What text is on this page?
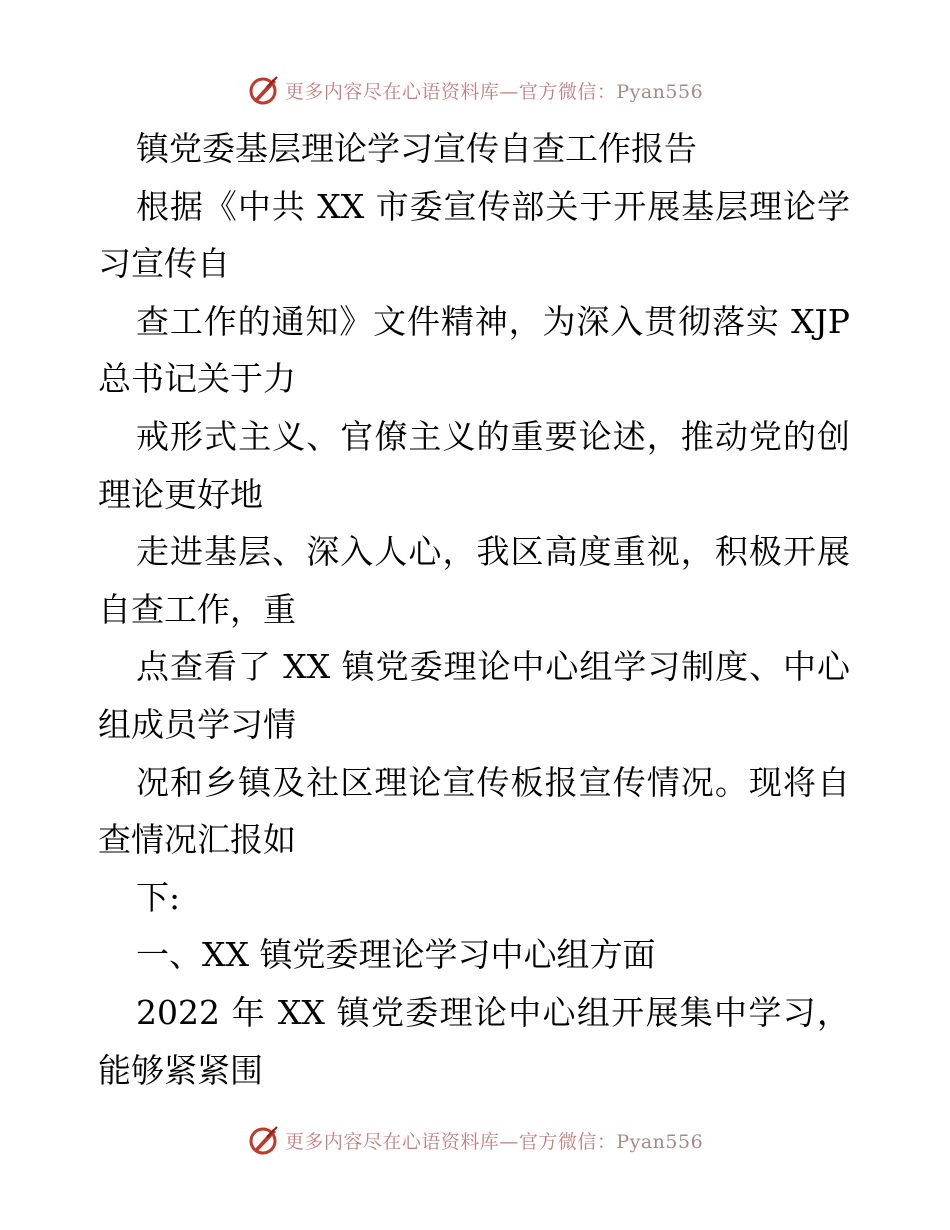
更多内容尽在心语资料库—官方微信：Pyan556
镇党委基层理论学习宣传自查工作报告
根据《中共 XX 市委宣传部关于开展基层理论学
习宣传自
查工作的通知》文件精神，为深入贯彻落实 XJP
总书记关于力
戒形式主义、官僚主义的重要论述，推动党的创
理论更好地
走进基层、深入人心，我区高度重视，积极开展
自查工作，重
点查看了 XX 镇党委理论中心组学习制度、中心
组成员学习情
况和乡镇及社区理论宣传板报宣传情况。现将自
查情况汇报如
下:
一、XX 镇党委理论学习中心组方面
2022 年 XX 镇党委理论中心组开展集中学习，
能够紧紧围
更多内容尽在心语资料库—官方微信：Pyan556
